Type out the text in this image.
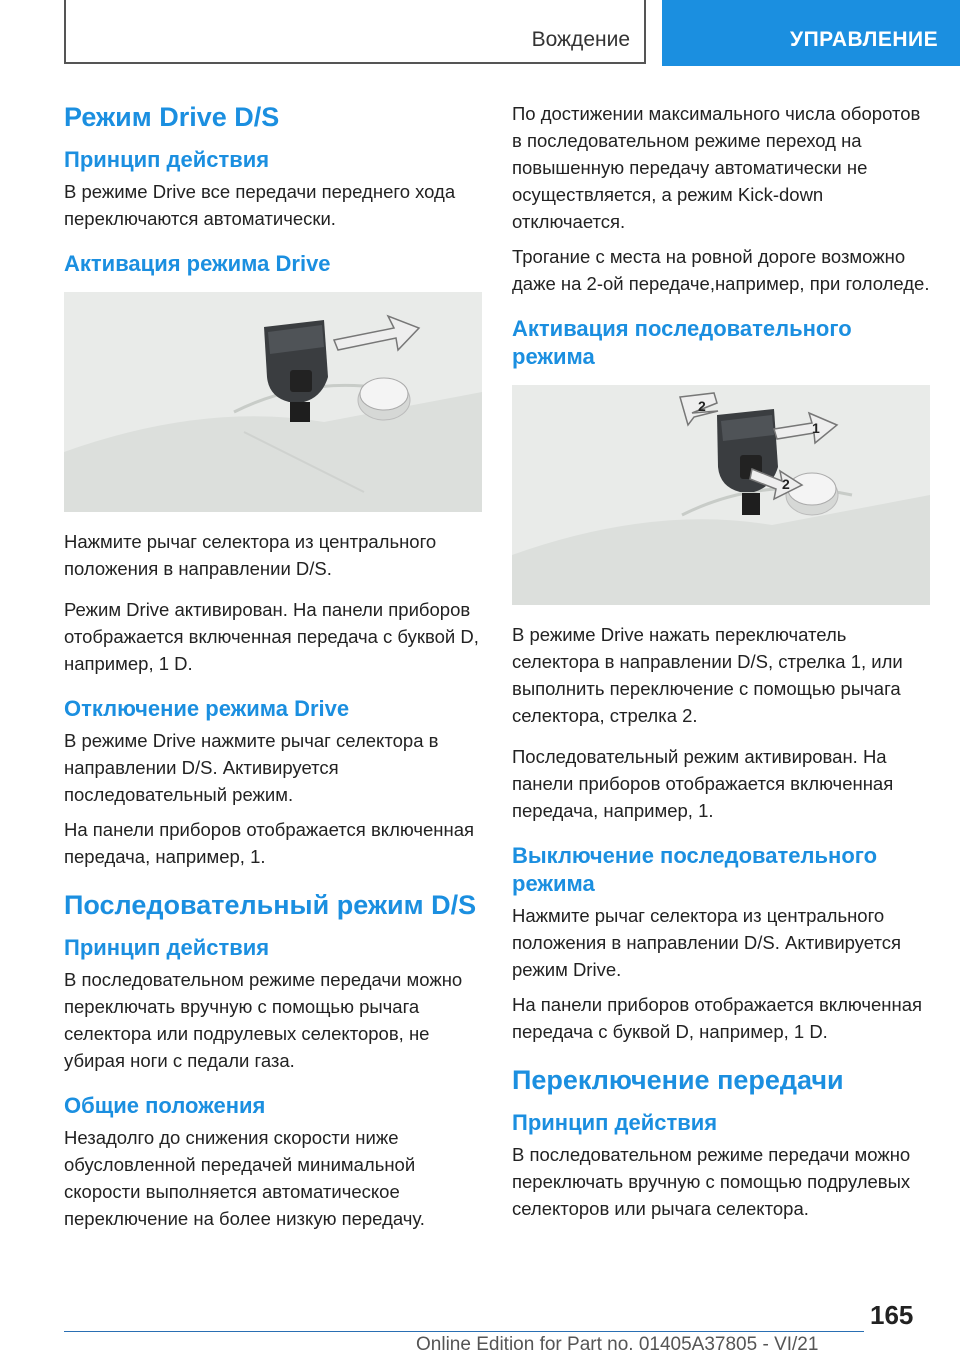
Вождение	УПРАВЛЕНИЕ
Режим Drive D/S
Принцип действия
В режиме Drive все передачи переднего хода переключаются автоматически.
Активация режима Drive
Нажмите рычаг селектора из центрального положения в направлении D/S.
Режим Drive активирован. На панели приборов отображается включенная передача с буквой D, например, 1 D.
Отключение режима Drive
В режиме Drive нажмите рычаг селектора в направлении D/S. Активируется последовательный режим.
На панели приборов отображается включенная передача, например, 1.
Последовательный режим D/S
Принцип действия
В последовательном режиме передачи можно переключать вручную с помощью рычага селектора или подрулевых селекторов, не убирая ноги с педали газа.
Общие положения
Незадолго до снижения скорости ниже обусловленной передачей минимальной скорости выполняется автоматическое переключение на более низкую передачу.
По достижении максимального числа оборотов в последовательном режиме переход на повышенную передачу автоматически не осуществляется, а режим Kick-down отключается.
Трогание с места на ровной дороге возможно даже на 2-ой передаче,например, при гололеде.
Активация последовательного режима
1
2
2
В режиме Drive нажать переключатель селектора в направлении D/S, стрелка 1, или выполнить переключение с помощью рычага селектора, стрелка 2.
Последовательный режим активирован. На панели приборов отображается включенная передача, например, 1.
Выключение последовательного режима
Нажмите рычаг селектора из центрального положения в направлении D/S. Активируется режим Drive.
На панели приборов отображается включенная передача с буквой D, например, 1 D.
Переключение передачи
Принцип действия
В последовательном режиме передачи можно переключать вручную с помощью подрулевых селекторов или рычага селектора.
165
Online Edition for Part no. 01405A37805 - VI/21
